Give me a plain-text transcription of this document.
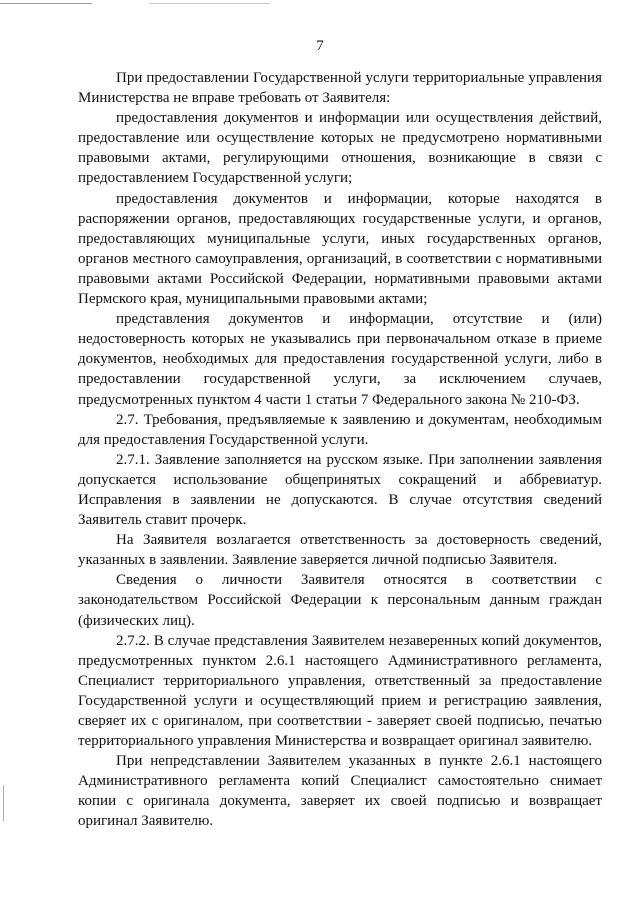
7

При предоставлении Государственной услуги территориальные управления Министерства не вправе требовать от Заявителя:

предоставления документов и информации или осуществления действий, предоставление или осуществление которых не предусмотрено нормативными правовыми актами, регулирующими отношения, возникающие в связи с предоставлением Государственной услуги;

предоставления документов и информации, которые находятся в распоряжении органов, предоставляющих государственные услуги, и органов, предоставляющих муниципальные услуги, иных государственных органов, органов местного самоуправления, организаций, в соответствии с нормативными правовыми актами Российской Федерации, нормативными правовыми актами Пермского края, муниципальными правовыми актами;

представления документов и информации, отсутствие и (или) недостоверность которых не указывались при первоначальном отказе в приеме документов, необходимых для предоставления государственной услуги, либо в предоставлении государственной услуги, за исключением случаев, предусмотренных пунктом 4 части 1 статьи 7 Федерального закона № 210-ФЗ.

2.7. Требования, предъявляемые к заявлению и документам, необходимым для предоставления Государственной услуги.

2.7.1. Заявление заполняется на русском языке. При заполнении заявления допускается использование общепринятых сокращений и аббревиатур. Исправления в заявлении не допускаются. В случае отсутствия сведений Заявитель ставит прочерк.

На Заявителя возлагается ответственность за достоверность сведений, указанных в заявлении. Заявление заверяется личной подписью Заявителя.

Сведения о личности Заявителя относятся в соответствии с законодательством Российской Федерации к персональным данным граждан (физических лиц).

2.7.2. В случае представления Заявителем незаверенных копий документов, предусмотренных пунктом 2.6.1 настоящего Административного регламента, Специалист территориального управления, ответственный за предоставление Государственной услуги и осуществляющий прием и регистрацию заявления, сверяет их с оригиналом, при соответствии - заверяет своей подписью, печатью территориального управления Министерства и возвращает оригинал заявителю.

При непредставлении Заявителем указанных в пункте 2.6.1 настоящего Административного регламента копий Специалист самостоятельно снимает копии с оригинала документа, заверяет их своей подписью и возвращает оригинал Заявителю.
